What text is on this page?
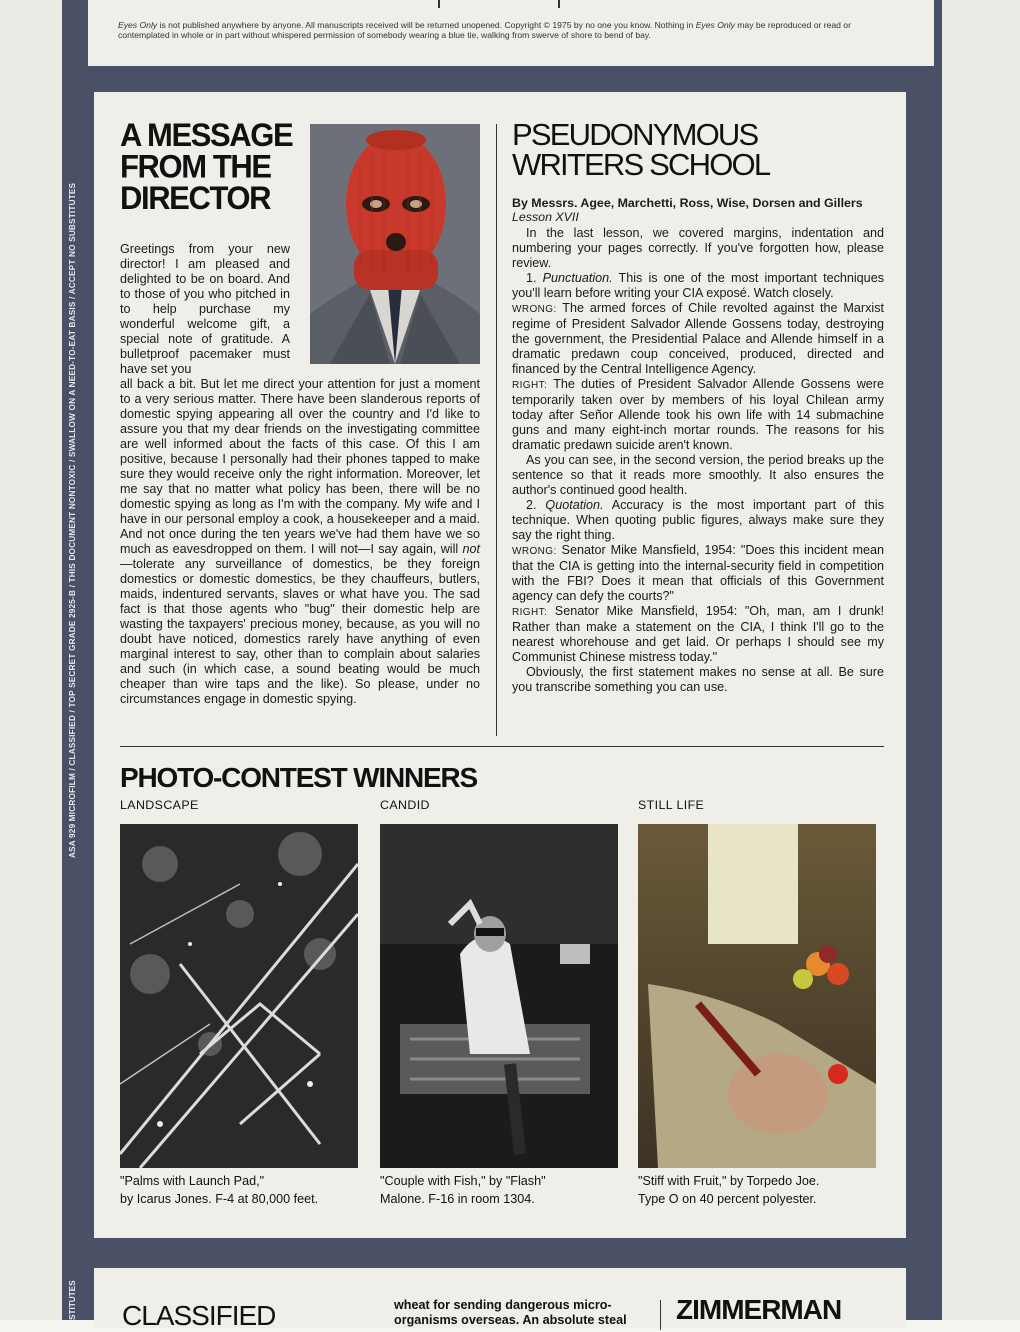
ASA 929 MICROFILM / CLASSIFIED / TOP SECRET GRADE 2925-B / THIS DOCUMENT NONTOXIC / SWALLOW ON A NEED-TO-EAT BASIS / ACCEPT NO SUBSTITUTES
STITUTES
Eyes Only is not published anywhere by anyone. All manuscripts received will be returned unopened. Copyright © 1975 by no one you know. Nothing in Eyes Only may be reproduced or read or contemplated in whole or in part without whispered permission of somebody wearing a blue tie, walking from swerve of shore to bend of bay.
A MESSAGE FROM THE DIRECTOR
Greetings from your new director! I am pleased and delighted to be on board. And to those of you who pitched in to help purchase my wonderful welcome gift, a special note of gratitude. A bulletproof pacemaker must have set you
all back a bit. But let me direct your attention for just a moment to a very serious matter. There have been slanderous reports of domestic spying appearing all over the country and I'd like to assure you that my dear friends on the investigating committee are well informed about the facts of this case. Of this I am positive, because I personally had their phones tapped to make sure they would receive only the right information. Moreover, let me say that no matter what policy has been, there will be no domestic spying as long as I'm with the company. My wife and I have in our personal employ a cook, a housekeeper and a maid. And not once during the ten years we've had them have we so much as eavesdropped on them. I will not—I say again, will not—tolerate any surveillance of domestics, be they foreign domestics or domestic domestics, be they chauffeurs, butlers, maids, indentured servants, slaves or what have you. The sad fact is that those agents who "bug" their domestic help are wasting the taxpayers' precious money, because, as you will no doubt have noticed, domestics rarely have anything of even marginal interest to say, other than to complain about salaries and such (in which case, a sound beating would be much cheaper than wire taps and the like). So please, under no circumstances engage in domestic spying.
PSEUDONYMOUS WRITERS SCHOOL
By Messrs. Agee, Marchetti, Ross, Wise, Dorsen and Gillers
Lesson XVII
In the last lesson, we covered margins, indentation and numbering your pages correctly. If you've forgotten how, please review.
1. Punctuation. This is one of the most important techniques you'll learn before writing your CIA exposé. Watch closely.
WRONG: The armed forces of Chile revolted against the Marxist regime of President Salvador Allende Gossens today, destroying the government, the Presidential Palace and Allende himself in a dramatic predawn coup conceived, produced, directed and financed by the Central Intelligence Agency.
RIGHT: The duties of President Salvador Allende Gossens were temporarily taken over by members of his loyal Chilean army today after Señor Allende took his own life with 14 submachine guns and many eight-inch mortar rounds. The reasons for his dramatic predawn suicide aren't known.
As you can see, in the second version, the period breaks up the sentence so that it reads more smoothly. It also ensures the author's continued good health.
2. Quotation. Accuracy is the most important part of this technique. When quoting public figures, always make sure they say the right thing.
WRONG: Senator Mike Mansfield, 1954: "Does this incident mean that the CIA is getting into the internal-security field in competition with the FBI? Does it mean that officials of this Government agency can defy the courts?"
RIGHT: Senator Mike Mansfield, 1954: "Oh, man, am I drunk! Rather than make a statement on the CIA, I think I'll go to the nearest whorehouse and get laid. Or perhaps I should see my Communist Chinese mistress today."
Obviously, the first statement makes no sense at all. Be sure you transcribe something you can use.
PHOTO-CONTEST WINNERS
LANDSCAPE	CANDID	STILL LIFE
"Palms with Launch Pad,"
by Icarus Jones. F-4 at 80,000 feet.
"Couple with Fish," by "Flash"
Malone. F-16 in room 1304.
"Stiff with Fruit," by Torpedo Joe.
Type O on 40 percent polyester.
CLASSIFIED	wheat for sending dangerous micro-organisms overseas. An absolute steal	ZIMMERMAN
